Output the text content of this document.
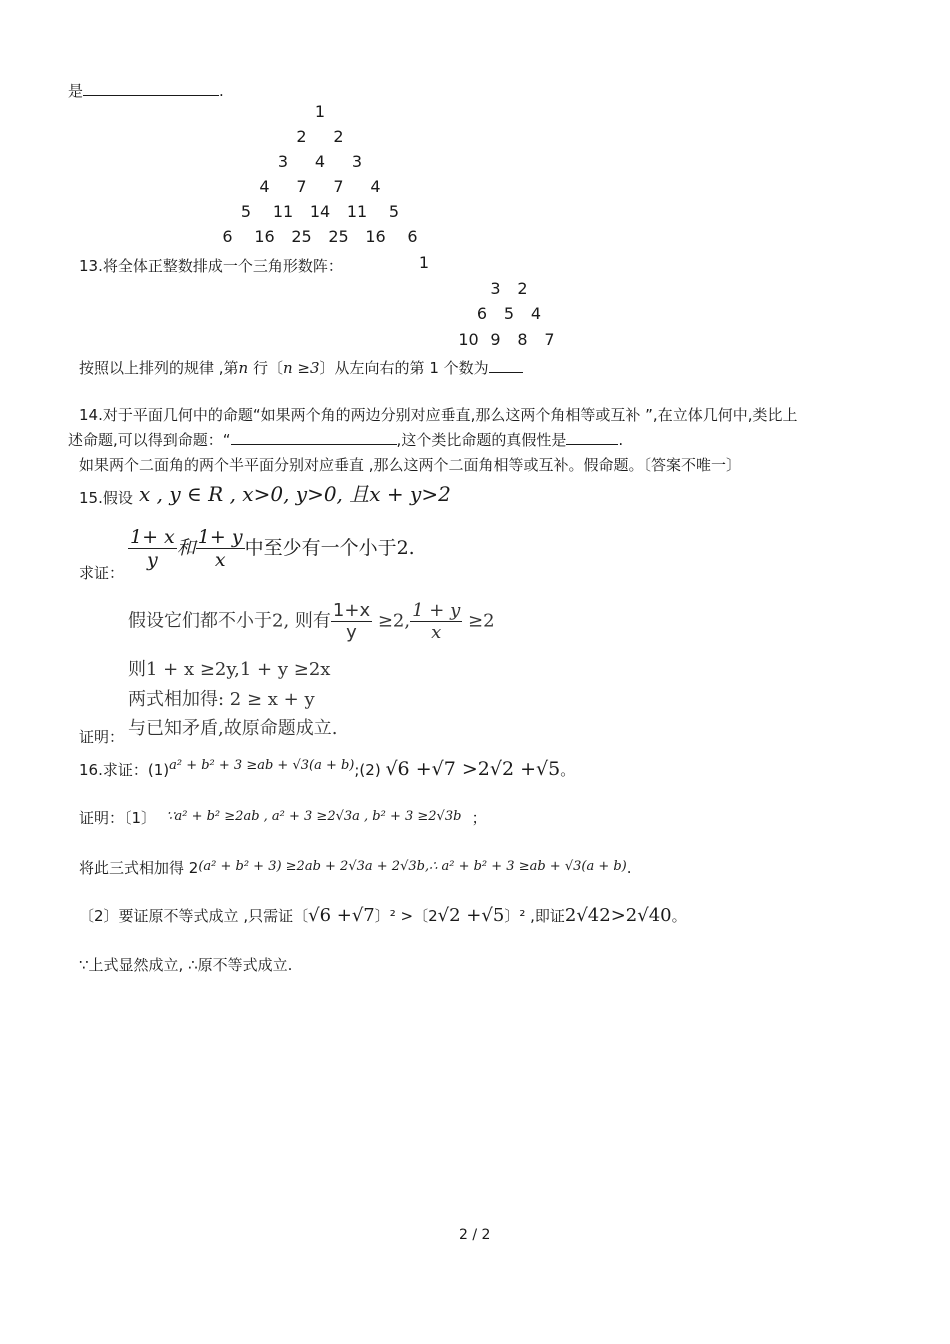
是	.
1
2	2
3	4	3
4	7	7	4
5	11	14	11	5
6	16	25	25	16	6
13.将全体正整数排成一个三角形数阵：	1
3	2
6	5	4
10 9	8	7
按照以上排列的规律 ,第n 行〔n ≥3〕从左向右的第 1 个数为
14.对于平面几何中的命题“如果两个角的两边分别对应垂直,那么这两个角相等或互补 ”,在立体几何中,类比上
述命题,可以得到命题：“	,这个类比命题的真假性是	.
如果两个二面角的两个半平面分别对应垂直 ,那么这两个二面角相等或互补。假命题。〔答案不唯一〕
15.假设 x , y ∈ R , x>0, y>0, 且x + y>2
求证：
$\frac{1+ x}{y}$ 和 $\frac{1+ y}{x}$ 中至少有一个小于2.
假设它们都不小于2, 则有 $\frac{1+x}{y} \ge 2$, $\frac{1 + y}{x} \ge 2$
则1 + x ≥2y,1 + y ≥2x
两式相加得: 2 ≥ x + y
证明： 与已知矛盾,故原命题成立.
16.求证：$(1)^{a^2 + b^2 + 3 \ge ab + √3(a + b)};(2)$ √6 +√7 >2√2 +√5。
证明：〔1〕 ∵a² + b² ≥2ab , a² + 3 ≥2√3a , b² + 3 ≥2√3b ；
将此三式相加得 2(a² + b² + 3) ≥2ab + 2√3a + 2√3b,∴ a² + b² + 3 ≥ab + √3(a + b).
〔2〕要证原不等式成立 ,只需证〔√6 +√7〕² >〔2√2 +√5〕² ,即证2√42>2√40。
∵上式显然成立, ∴原不等式成立.
2 / 2
